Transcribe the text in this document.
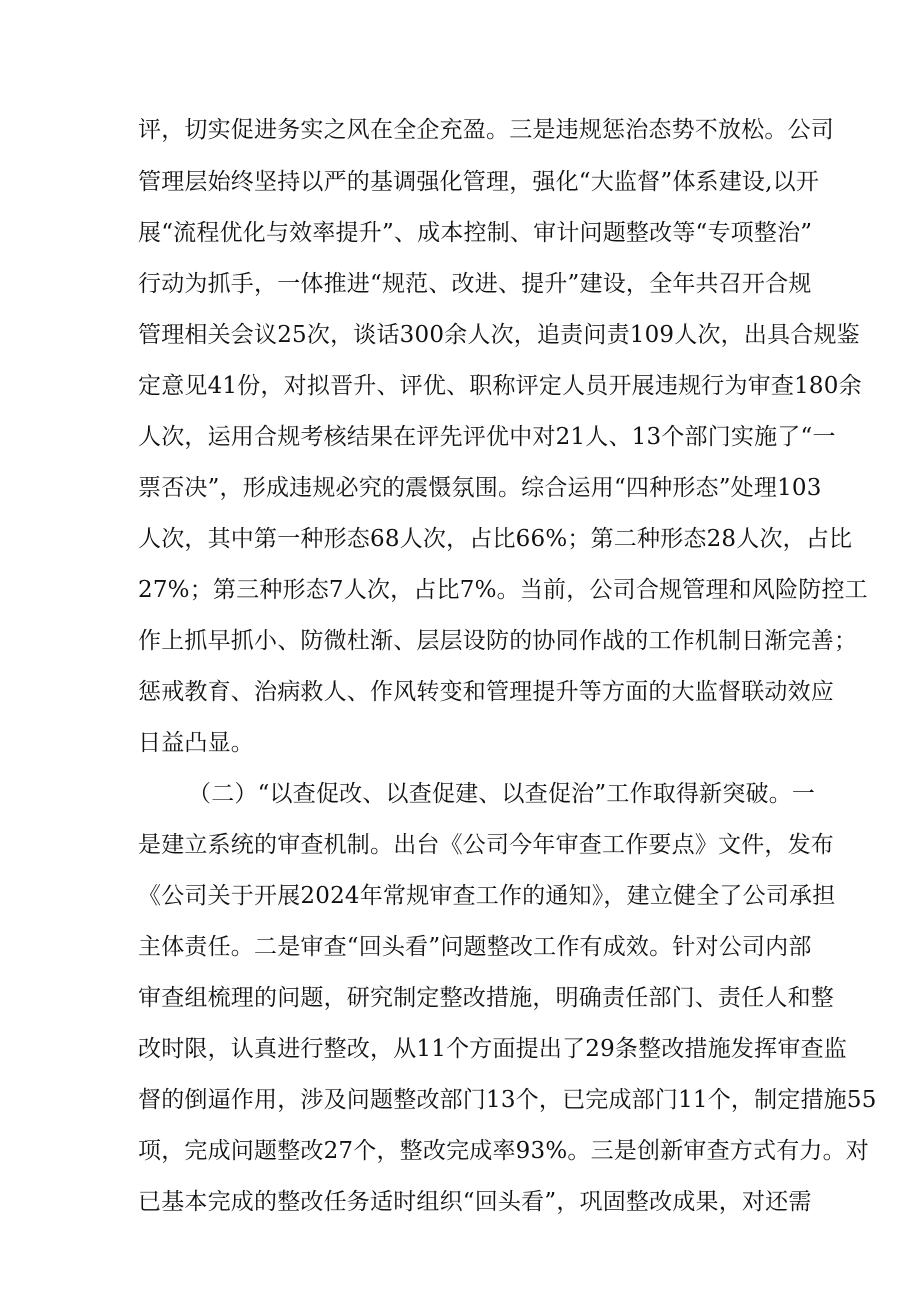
评，切实促进务实之风在全企充盈。三是违规惩治态势不放松。公司

管理层始终坚持以严的基调强化管理，强化“大监督”体系建设,以开

展“流程优化与效率提升”、成本控制、审计问题整改等“专项整治”

行动为抓手，一体推进“规范、改进、提升”建设，全年共召开合规

管理相关会议25次，谈话300余人次，追责问责109人次，出具合规鉴

定意见41份，对拟晋升、评优、职称评定人员开展违规行为审查180余

人次，运用合规考核结果在评先评优中对21人、13个部门实施了“一

票否决”，形成违规必究的震慑氛围。综合运用“四种形态”处理103

人次，其中第一种形态68人次，占比66%；第二种形态28人次，占比

27%；第三种形态7人次，占比7%。当前，公司合规管理和风险防控工

作上抓早抓小、防微杜渐、层层设防的协同作战的工作机制日渐完善；

惩戒教育、治病救人、作风转变和管理提升等方面的大监督联动效应

日益凸显。

（二）“以查促改、以查促建、以查促治”工作取得新突破。一

是建立系统的审查机制。出台《公司今年审查工作要点》文件，发布

《公司关于开展2024年常规审查工作的通知》，建立健全了公司承担

主体责任。二是审查“回头看”问题整改工作有成效。针对公司内部

审查组梳理的问题，研究制定整改措施，明确责任部门、责任人和整

改时限，认真进行整改，从11个方面提出了29条整改措施发挥审查监

督的倒逼作用，涉及问题整改部门13个，已完成部门11个，制定措施55

项，完成问题整改27个，整改完成率93%。三是创新审查方式有力。对

已基本完成的整改任务适时组织“回头看”，巩固整改成果，对还需
